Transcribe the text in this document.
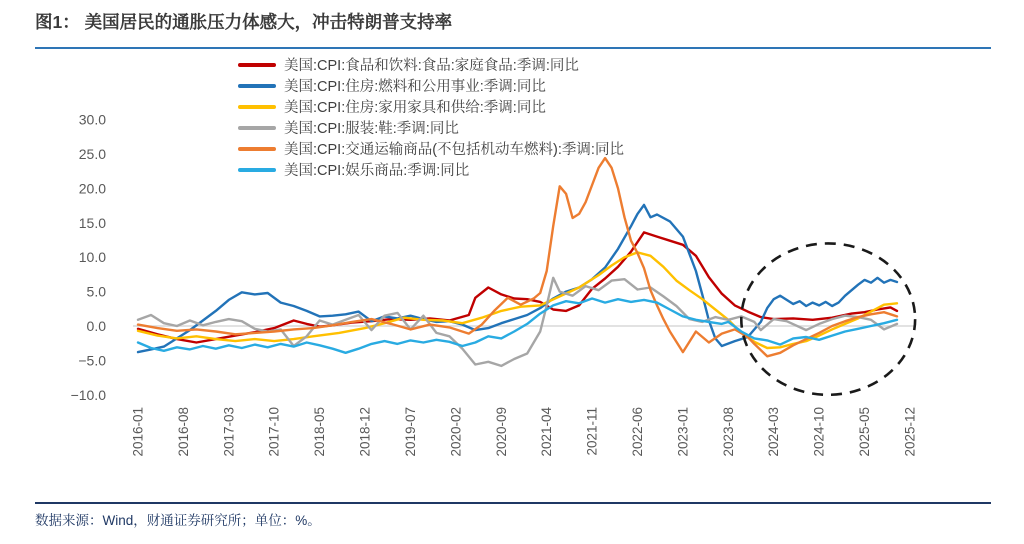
图1： 美国居民的通胀压力体感大，冲击特朗普支持率
30.0
25.0
20.0
15.0
10.0
5.0
0.0
−5.0
−10.0
2016-01 2016-08 2017-03 2017-10 2018-05 2018-12 2019-07 2020-02 2020-09 2021-04 2021-11 2022-06 2023-01 2023-08 2024-03 2024-10 2025-05 2025-12
美国:CPI:食品和饮料:食品:家庭食品:季调:同比
美国:CPI:住房:燃料和公用事业:季调:同比
美国:CPI:住房:家用家具和供给:季调:同比
美国:CPI:服装:鞋:季调:同比
美国:CPI:交通运输商品(不包括机动车燃料):季调:同比
美国:CPI:娱乐商品:季调:同比
数据来源：Wind，财通证券研究所；单位：%。
